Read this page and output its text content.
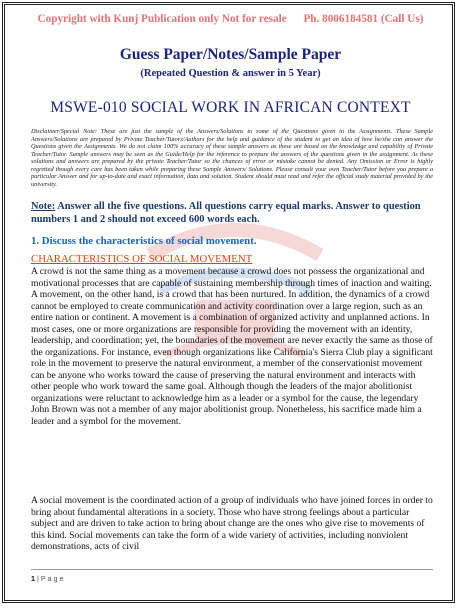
Copyright with Kunj Publication only Not for resale Ph. 8006184581 (Call Us)
Guess Paper/Notes/Sample Paper
(Repeated Question & answer in 5 Year)
MSWE-010 SOCIAL WORK IN AFRICAN CONTEXT
Disclaimer/Special Note: These are just the sample of the Answers/Solutions to some of the Questions given in the Assignments. These Sample Answers/Solutions are prepared by Private Teacher/Tutors/Authors for the help and guidance of the student to get an idea of how he/she can answer the Questions given the Assignments. We do not claim 100% accuracy of these sample answers as these are based on the knowledge and capability of Private Teacher/Tutor. Sample answers may be seen as the Guide/Help for the reference to prepare the answers of the questions given in the assignment. As these solutions and answers are prepared by the private Teacher/Tutor so the chances of error or mistake cannot be denied. Any Omission or Error is highly regretted though every care has been taken while preparing these Sample Answers/ Solutions. Please consult your own Teacher/Tutor before you prepare a particular Answer and for up-to-date and exact information, data and solution. Student should must read and refer the official study material provided by the university.
Note: Answer all the five questions. All questions carry equal marks. Answer to question numbers 1 and 2 should not exceed 600 words each.
1. Discuss the characteristics of social movement.
CHARACTERISTICS OF SOCIAL MOVEMENT
A crowd is not the same thing as a movement because a crowd does not possess the organizational and motivational processes that are capable of sustaining membership through times of inaction and waiting. A movement, on the other hand, is a crowd that has been nurtured. In addition, the dynamics of a crowd cannot be employed to create communication and activity coordination over a large region, such as an entire nation or continent. A movement is a combination of organized activity and unplanned actions. In most cases, one or more organizations are responsible for providing the movement with an identity, leadership, and coordination; yet, the boundaries of the movement are never exactly the same as those of the organizations. For instance, even though organizations like California's Sierra Club play a significant role in the movement to preserve the natural environment, a member of the conservationist movement can be anyone who works toward the cause of preserving the natural environment and interacts with other people who work toward the same goal. Although though the leaders of the major abolitionist organizations were reluctant to acknowledge him as a leader or a symbol for the cause, the legendary John Brown was not a member of any major abolitionist group. Nonetheless, his sacrifice made him a leader and a symbol for the movement.
A social movement is the coordinated action of a group of individuals who have joined forces in order to bring about fundamental alterations in a society. Those who have strong feelings about a particular subject and are driven to take action to bring about change are the ones who give rise to movements of this kind. Social movements can take the form of a wide variety of activities, including nonviolent demonstrations, acts of civil
1 | P a g e
